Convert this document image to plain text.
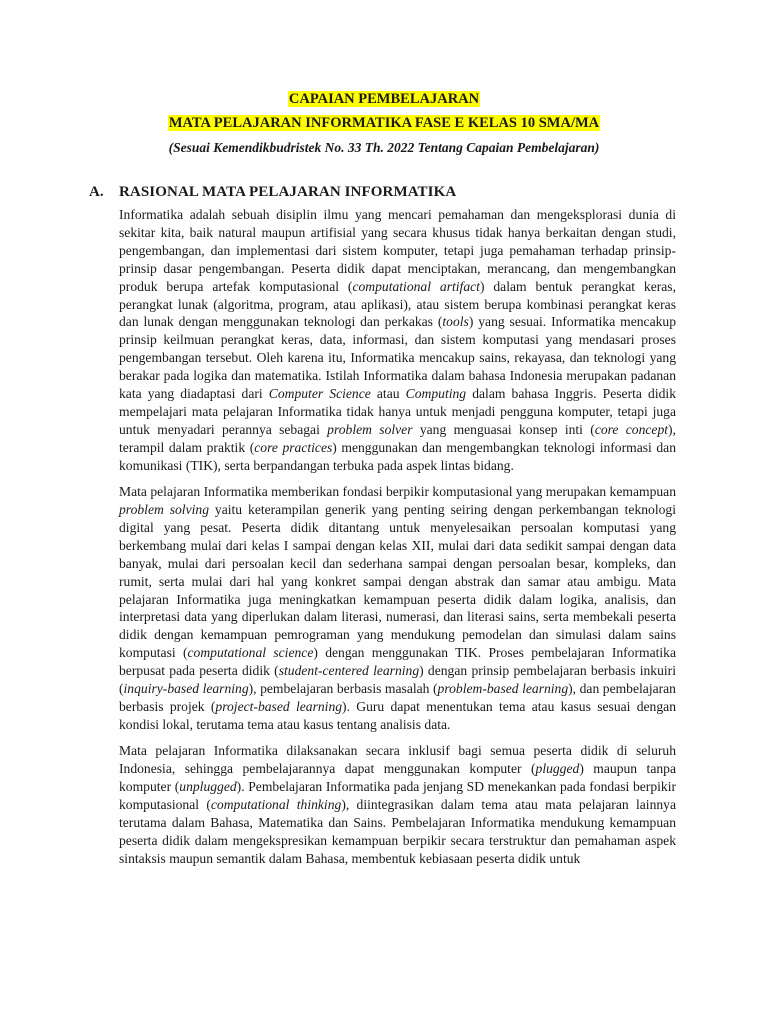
CAPAIAN PEMBELAJARAN
MATA PELAJARAN INFORMATIKA FASE E KELAS 10 SMA/MA
(Sesuai Kemendikbudristek No. 33 Th. 2022 Tentang Capaian Pembelajaran)
A. RASIONAL MATA PELAJARAN INFORMATIKA

Informatika adalah sebuah disiplin ilmu yang mencari pemahaman dan mengeksplorasi dunia di sekitar kita, baik natural maupun artifisial yang secara khusus tidak hanya berkaitan dengan studi, pengembangan, dan implementasi dari sistem komputer, tetapi juga pemahaman terhadap prinsip-prinsip dasar pengembangan. Peserta didik dapat menciptakan, merancang, dan mengembangkan produk berupa artefak komputasional (computational artifact) dalam bentuk perangkat keras, perangkat lunak (algoritma, program, atau aplikasi), atau sistem berupa kombinasi perangkat keras dan lunak dengan menggunakan teknologi dan perkakas (tools) yang sesuai. Informatika mencakup prinsip keilmuan perangkat keras, data, informasi, dan sistem komputasi yang mendasari proses pengembangan tersebut. Oleh karena itu, Informatika mencakup sains, rekayasa, dan teknologi yang berakar pada logika dan matematika. Istilah Informatika dalam bahasa Indonesia merupakan padanan kata yang diadaptasi dari Computer Science atau Computing dalam bahasa Inggris. Peserta didik mempelajari mata pelajaran Informatika tidak hanya untuk menjadi pengguna komputer, tetapi juga untuk menyadari perannya sebagai problem solver yang menguasai konsep inti (core concept), terampil dalam praktik (core practices) menggunakan dan mengembangkan teknologi informasi dan komunikasi (TIK), serta berpandangan terbuka pada aspek lintas bidang.

Mata pelajaran Informatika memberikan fondasi berpikir komputasional yang merupakan kemampuan problem solving yaitu keterampilan generik yang penting seiring dengan perkembangan teknologi digital yang pesat. Peserta didik ditantang untuk menyelesaikan persoalan komputasi yang berkembang mulai dari kelas I sampai dengan kelas XII, mulai dari data sedikit sampai dengan data banyak, mulai dari persoalan kecil dan sederhana sampai dengan persoalan besar, kompleks, dan rumit, serta mulai dari hal yang konkret sampai dengan abstrak dan samar atau ambigu. Mata pelajaran Informatika juga meningkatkan kemampuan peserta didik dalam logika, analisis, dan interpretasi data yang diperlukan dalam literasi, numerasi, dan literasi sains, serta membekali peserta didik dengan kemampuan pemrograman yang mendukung pemodelan dan simulasi dalam sains komputasi (computational science) dengan menggunakan TIK. Proses pembelajaran Informatika berpusat pada peserta didik (student-centered learning) dengan prinsip pembelajaran berbasis inkuiri (inquiry-based learning), pembelajaran berbasis masalah (problem-based learning), dan pembelajaran berbasis projek (project-based learning). Guru dapat menentukan tema atau kasus sesuai dengan kondisi lokal, terutama tema atau kasus tentang analisis data.

Mata pelajaran Informatika dilaksanakan secara inklusif bagi semua peserta didik di seluruh Indonesia, sehingga pembelajarannya dapat menggunakan komputer (plugged) maupun tanpa komputer (unplugged). Pembelajaran Informatika pada jenjang SD menekankan pada fondasi berpikir komputasional (computational thinking), diintegrasikan dalam tema atau mata pelajaran lainnya terutama dalam Bahasa, Matematika dan Sains. Pembelajaran Informatika mendukung kemampuan peserta didik dalam mengekspresikan kemampuan berpikir secara terstruktur dan pemahaman aspek sintaksis maupun semantik dalam Bahasa, membentuk kebiasaan peserta didik untuk
